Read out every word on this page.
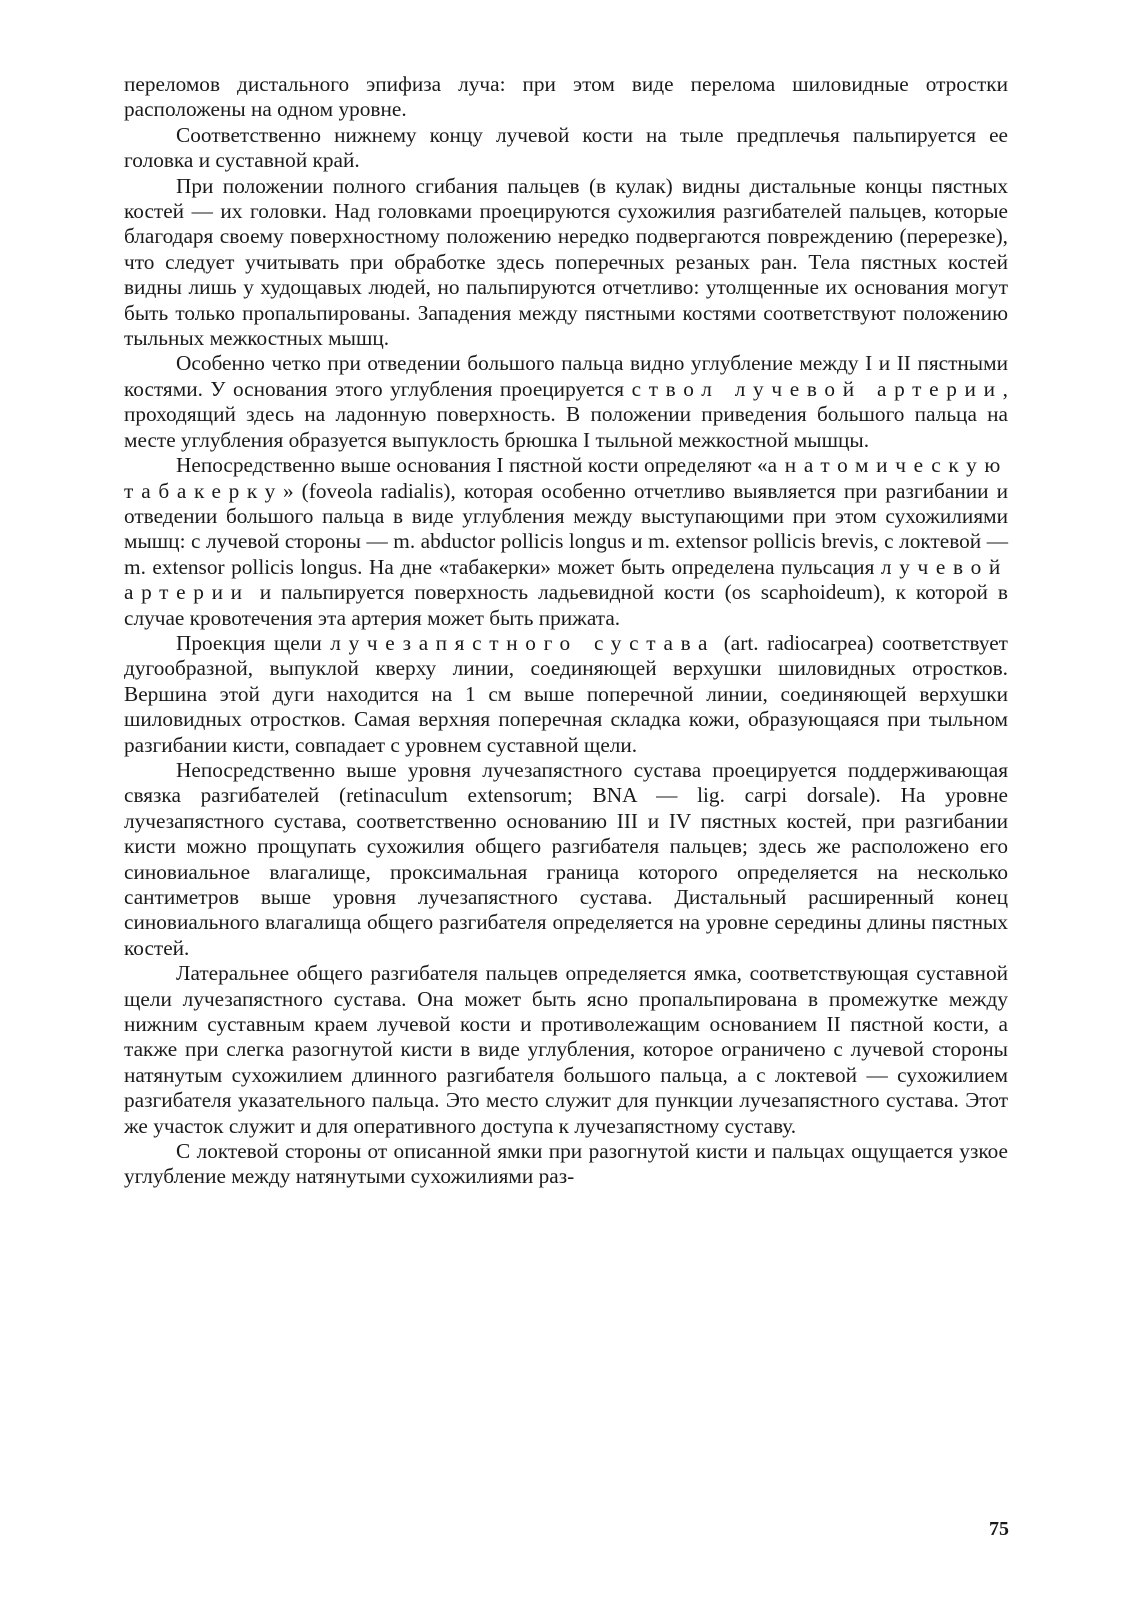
переломов дистального эпифиза луча: при этом виде перелома шиловидные отростки расположены на одном уровне.

Соответственно нижнему концу лучевой кости на тыле предплечья пальпируется ее головка и суставной край.

При положении полного сгибания пальцев (в кулак) видны дистальные концы пястных костей — их головки. Над головками проецируются сухожилия разгибателей пальцев, которые благодаря своему поверхностному положению нередко подвергаются повреждению (перерезке), что следует учитывать при обработке здесь поперечных резаных ран. Тела пястных костей видны лишь у худощавых людей, но пальпируются отчетливо: утолщенные их основания могут быть только пропальпированы. Западения между пястными костями соответствуют положению тыльных межкостных мышц.

Особенно четко при отведении большого пальца видно углубление между I и II пястными костями. У основания этого углубления проецируется ствол лучевой артерии, проходящий здесь на ладонную поверхность. В положении приведения большого пальца на месте углубления образуется выпуклость брюшка I тыльной межкостной мышцы.

Непосредственно выше основания I пястной кости определяют «анатомическую табакерку» (foveola radialis), которая особенно отчетливо выявляется при разгибании и отведении большого пальца в виде углубления между выступающими при этом сухожилиями мышц: с лучевой стороны — m. abductor pollicis longus и m. extensor pollicis brevis, с локтевой — m. extensor pollicis longus. На дне «табакерки» может быть определена пульсация лучевой артерии и пальпируется поверхность ладьевидной кости (os scaphoideum), к которой в случае кровотечения эта артерия может быть прижата.

Проекция щели лучезапястного сустава (art. radiocarpea) соответствует дугообразной, выпуклой кверху линии, соединяющей верхушки шиловидных отростков. Вершина этой дуги находится на 1 см выше поперечной линии, соединяющей верхушки шиловидных отростков. Самая верхняя поперечная складка кожи, образующаяся при тыльном разгибании кисти, совпадает с уровнем суставной щели.

Непосредственно выше уровня лучезапястного сустава проецируется поддерживающая связка разгибателей (retinaculum extensorum; BNA — lig. carpi dorsale). На уровне лучезапястного сустава, соответственно основанию III и IV пястных костей, при разгибании кисти можно прощупать сухожилия общего разгибателя пальцев; здесь же расположено его синовиальное влагалище, проксимальная граница которого определяется на несколько сантиметров выше уровня лучезапястного сустава. Дистальный расширенный конец синовиального влагалища общего разгибателя определяется на уровне середины длины пястных костей.

Латеральнее общего разгибателя пальцев определяется ямка, соответствующая суставной щели лучезапястного сустава. Она может быть ясно пропальпирована в промежутке между нижним суставным краем лучевой кости и противолежащим основанием II пястной кости, а также при слегка разогнутой кисти в виде углубления, которое ограничено с лучевой стороны натянутым сухожилием длинного разгибателя большого пальца, а с локтевой — сухожилием разгибателя указательного пальца. Это место служит для пункции лучезапястного сустава. Этот же участок служит и для оперативного доступа к лучезапястному суставу.

С локтевой стороны от описанной ямки при разогнутой кисти и пальцах ощущается узкое углубление между натянутыми сухожилиями раз-

75
